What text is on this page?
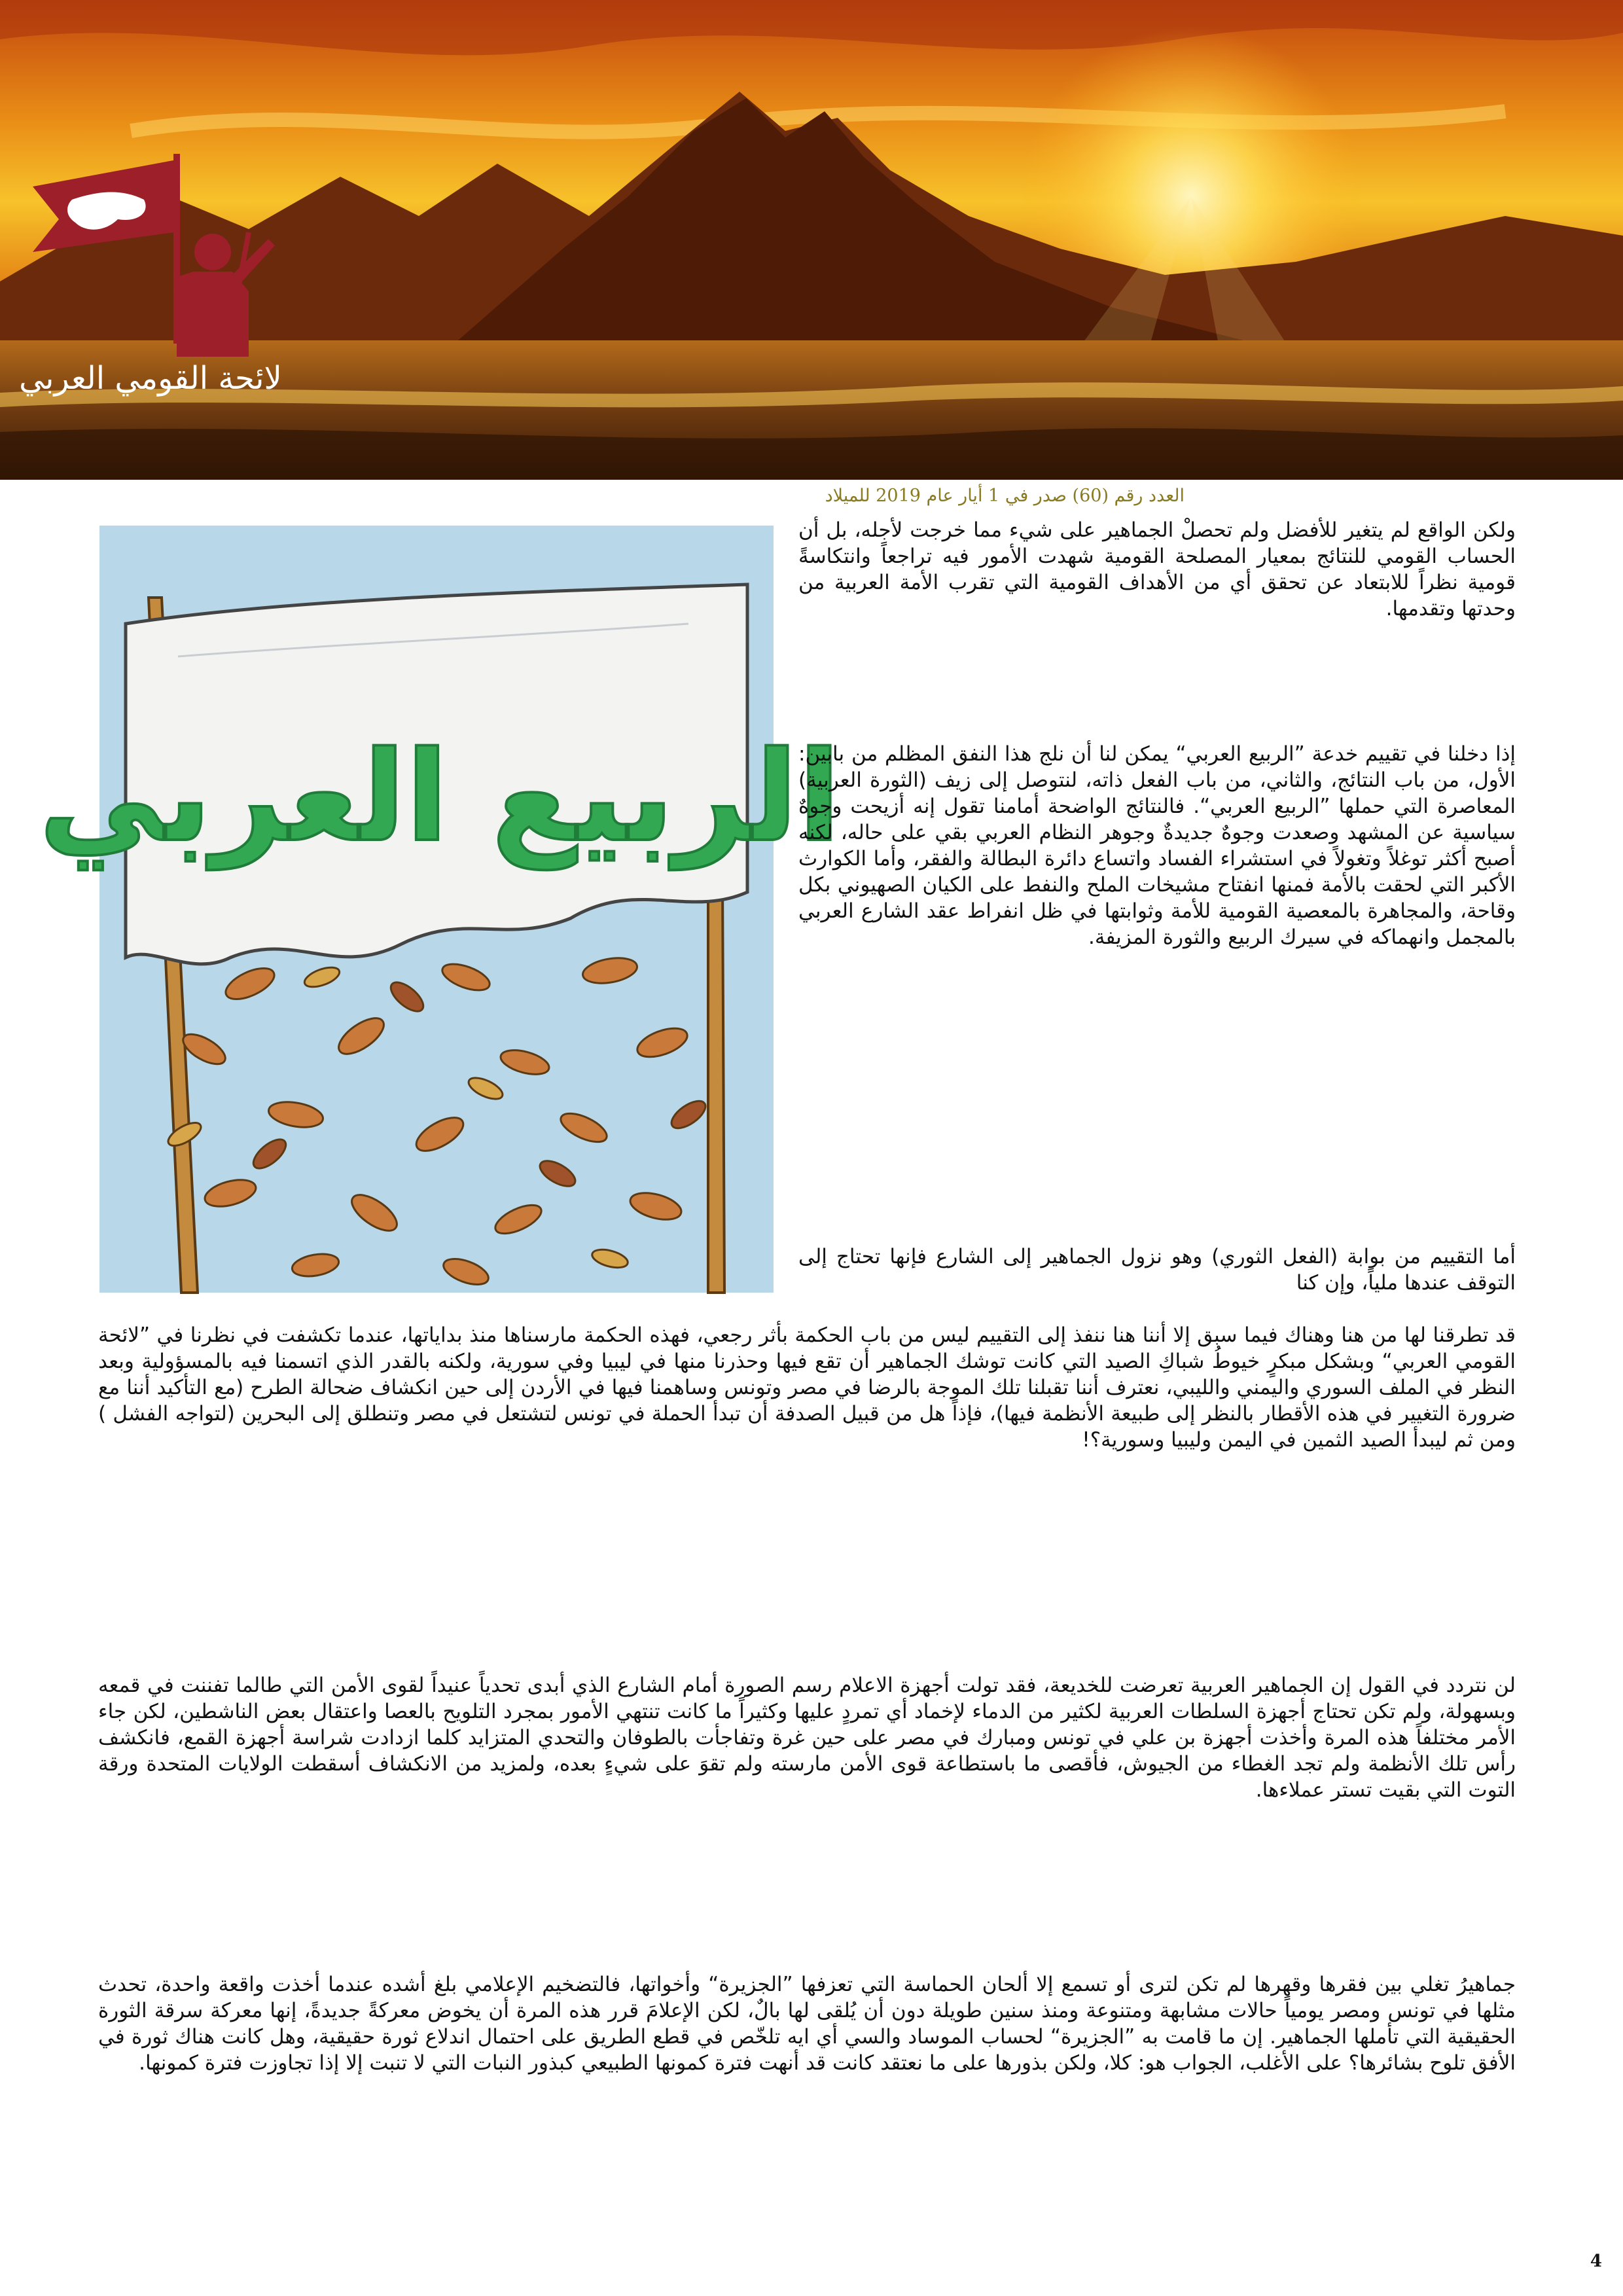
لائحة القومي العربي
العدد رقم (60) صدر في 1 أيار عام 2019 للميلاد
الربيع العربي

ولكن الواقع لم يتغير للأفضل ولم تحصلْ الجماهير على شيء مما خرجت لأجله، بل أن الحساب القومي للنتائج بمعيار المصلحة القومية شهدت الأمور فيه تراجعاً وانتكاسةً قومية نظراً للابتعاد عن تحقق أي من الأهداف القومية التي تقرب الأمة العربية من وحدتها وتقدمها.

إذا دخلنا في تقييم خدعة ”الربيع العربي“ يمكن لنا أن نلج هذا النفق المظلم من بابين: الأول، من باب النتائج، والثاني، من باب الفعل ذاته، لنتوصل إلى زيف (الثورة العربية) المعاصرة التي حملها ”الربيع العربي“. فالنتائج الواضحة أمامنا تقول إنه أزيحت وجوهٌ سياسية عن المشهد وصعدت وجوهٌ جديدةٌ وجوهر النظام العربي بقي على حاله، لكنه أصبح أكثر توغلاً وتغولاً في استشراء الفساد واتساع دائرة البطالة والفقر، وأما الكوارث الأكبر التي لحقت بالأمة فمنها انفتاح مشيخات الملح والنفط على الكيان الصهيوني بكل وقاحة، والمجاهرة بالمعصية القومية للأمة وثوابتها في ظل انفراط عقد الشارع العربي بالمجمل وانهماكه في سيرك الربيع والثورة المزيفة.

أما التقييم من بوابة (الفعل الثوري) وهو نزول الجماهير إلى الشارع فإنها تحتاج إلى التوقف عندها ملياً، وإن كنا

قد تطرقنا لها من هنا وهناك فيما سبق إلا أننا هنا ننفذ إلى التقييم ليس من باب الحكمة بأثر رجعي، فهذه الحكمة مارسناها منذ بداياتها، عندما تكشفت في نظرنا في ”لائحة القومي العربي“ وبشكل مبكرٍ خيوطُ شباكِ الصيد التي كانت توشك الجماهير أن تقع فيها وحذرنا منها في ليبيا وفي سورية، ولكنه بالقدر الذي اتسمنا فيه بالمسؤولية وبعد النظر في الملف السوري واليمني والليبي، نعترف أننا تقبلنا تلك الموجة بالرضا في مصر وتونس وساهمنا فيها في الأردن إلى حين انكشاف ضحالة الطرح (مع التأكيد أننا مع ضرورة التغيير في هذه الأقطار بالنظر إلى طبيعة الأنظمة فيها)، فإذاً هل من قبيل الصدفة أن تبدأ الحملة في تونس لتشتعل في مصر وتنطلق إلى البحرين (لتواجه الفشل ) ومن ثم ليبدأ الصيد الثمين في اليمن وليبيا وسورية؟!

لن نتردد في القول إن الجماهير العربية تعرضت للخديعة، فقد تولت أجهزة الاعلام رسم الصورة أمام الشارع الذي أبدى تحدياً عنيداً لقوى الأمن التي طالما تفننت في قمعه وبسهولة، ولم تكن تحتاج أجهزة السلطات العربية لكثير من الدماء لإخماد أي تمردٍ عليها وكثيراً ما كانت تنتهي الأمور بمجرد التلويح بالعصا واعتقال بعض الناشطين، لكن جاء الأمر مختلفاً هذه المرة وأخذت أجهزة بن علي في تونس ومبارك في مصر على حين غرة وتفاجأت بالطوفان والتحدي المتزايد كلما ازدادت شراسة أجهزة القمع، فانكشف رأس تلك الأنظمة ولم تجد الغطاء من الجيوش، فأقصى ما باستطاعة قوى الأمن مارسته ولم تقوَ على شيءٍ بعده، ولمزيد من الانكشاف أسقطت الولايات المتحدة ورقة التوت التي بقيت تستر عملاءها.

جماهيرُ تغلي بين فقرها وقهرها لم تكن لترى أو تسمع إلا ألحان الحماسة التي تعزفها ”الجزيرة“ وأخواتها، فالتضخيم الإعلامي بلغ أشده عندما أخذت واقعة واحدة، تحدث مثلها في تونس ومصر يومياً حالات مشابهة ومتنوعة ومنذ سنين طويلة دون أن يُلقى لها بالٌ، لكن الإعلامَ قرر هذه المرة أن يخوض معركةً جديدةً، إنها معركة سرقة الثورة الحقيقية التي تأملها الجماهير. إن ما قامت به ”الجزيرة“ لحساب الموساد والسي أي ايه تلخّص في قطع الطريق على احتمال اندلاع ثورة حقيقية، وهل كانت هناك ثورة في الأفق تلوح بشائرها؟ على الأغلب، الجواب هو: كلا، ولكن بذورها على ما نعتقد كانت قد أنهت فترة كمونها الطبيعي كبذور النبات التي لا تنبت إلا إذا تجاوزت فترة كمونها.

4
